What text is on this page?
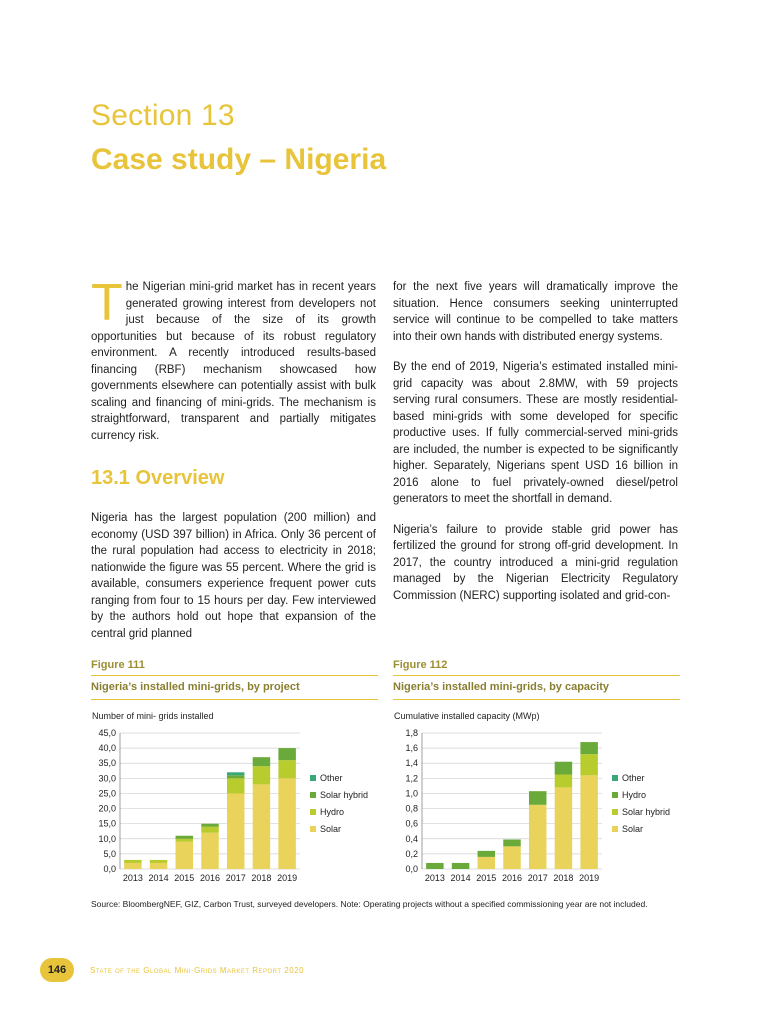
Section 13
Case study – Nigeria

The Nigerian mini-grid market has in recent years generated growing interest from developers not just because of the size of its growth opportunities but because of its robust regulatory environment. A recently introduced results-based financing (RBF) mechanism showcased how governments elsewhere can potentially assist with bulk scaling and financing of mini-grids. The mechanism is straightforward, transparent and partially mitigates currency risk.

13.1 Overview

Nigeria has the largest population (200 million) and economy (USD 397 billion) in Africa. Only 36 percent of the rural population had access to electricity in 2018; nationwide the figure was 55 percent. Where the grid is available, consumers experience frequent power cuts ranging from four to 15 hours per day. Few interviewed by the authors hold out hope that expansion of the central grid planned

for the next five years will dramatically improve the situation. Hence consumers seeking uninterrupted service will continue to be compelled to take matters into their own hands with distributed energy systems.

By the end of 2019, Nigeria’s estimated installed mini-grid capacity was about 2.8MW, with 59 projects serving rural consumers. These are mostly residential-based mini-grids with some developed for specific productive uses. If fully commercial-served mini-grids are included, the number is expected to be significantly higher. Separately, Nigerians spent USD 16 billion in 2016 alone to fuel privately-owned diesel/petrol generators to meet the shortfall in demand.

Nigeria’s failure to provide stable grid power has fertilized the ground for strong off-grid development. In 2017, the country introduced a mini-grid regulation managed by the Nigerian Electricity Regulatory Commission (NERC) supporting isolated and grid-con-

Figure 111
Nigeria’s installed mini-grids, by project
Figure 112
Nigeria’s installed mini-grids, by capacity
Number of mini- grids installed
0,0
5,0
10,0
15,0
20,0
25,0
30,0
35,0
40,0
45,0
2013 2014 2015 2016 2017 2018 2019
Other
Solar hybrid
Hydro
Solar
Cumulative installed capacity (MWp)
0,0
0,2
0,4
0,6
0,8
1,0
1,2
1,4
1,6
1,8
2013 2014 2015 2016 2017 2018 2019
Other
Hydro
Solar hybrid
Solar
Source: BloombergNEF, GIZ, Carbon Trust, surveyed developers. Note: Operating projects without a specified commissioning year are not included.
146	State of the Global Mini-Grids Market Report 2020
